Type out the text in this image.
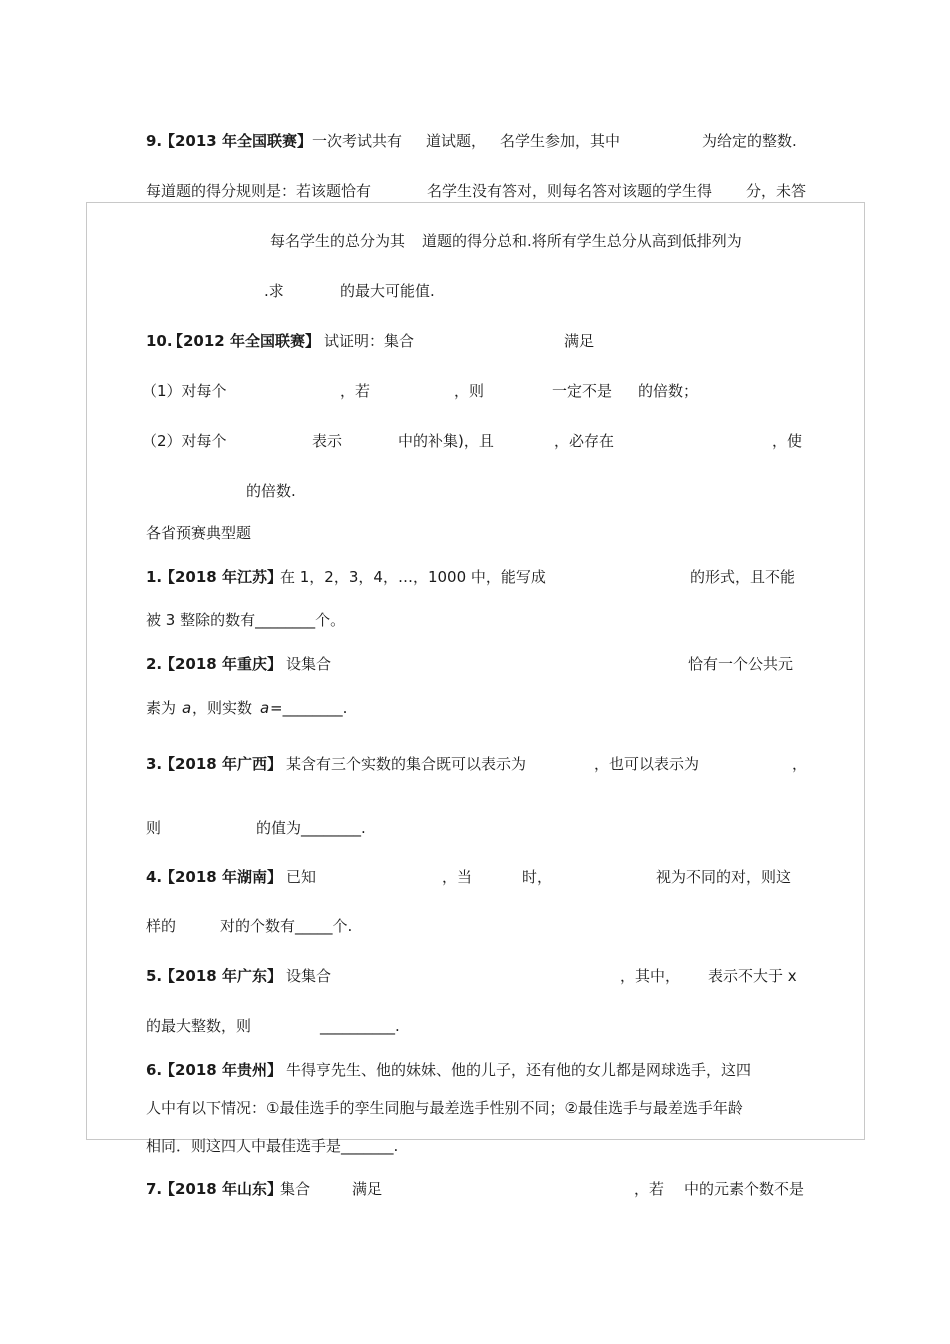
9.
【2013 年全国联赛】 一次考试共有 道试题， 名学生参加，其中	为给定的整数.
每道题的得分规则是：若该题恰有	名学生没有答对，则每名答对该题的学生得 分，未答
每名学生的总分为其 道题的得分总和.将所有学生总分从高到低排列为
.求	的最大可能值.
10.
【2012 年全国联赛】 试证明：集合	满足
（1）对每个	，若	，则	一定不是 的倍数；
（2）对每个	表示	中的补集)，且	，必存在	，使
的倍数.
各省预赛典型题
1.
【2018 年江苏】
在 1，2，3，4，…，1000 中，能写成	的形式，且不能
被 3 整除的数有________个。
2.
【2018 年重庆】 设集合	恰有一个公共元
素为 a ，则实数 a =________.
3.
【2018 年广西】 某含有三个实数的集合既可以表示为	，也可以表示为	，
则	的值为________.
4.
【2018 年湖南】 已知	，当	时，	视为不同的对，则这
样的	对的个数有_____个.
5.
【2018 年广东】 设集合	，其中， 表示不大于 x
的最大整数，则	__________.
6.
【2018 年贵州】 牛得亨先生、他的妹妹、他的儿子，还有他的女儿都是网球选手，这四
人中有以下情况：①最佳选手的孪生同胞与最差选手性别不同；②最佳选手与最差选手年龄
相同．则这四人中最佳选手是_______.
7.
【2018 年山东】
集合	满足	，若 中的元素个数不是
